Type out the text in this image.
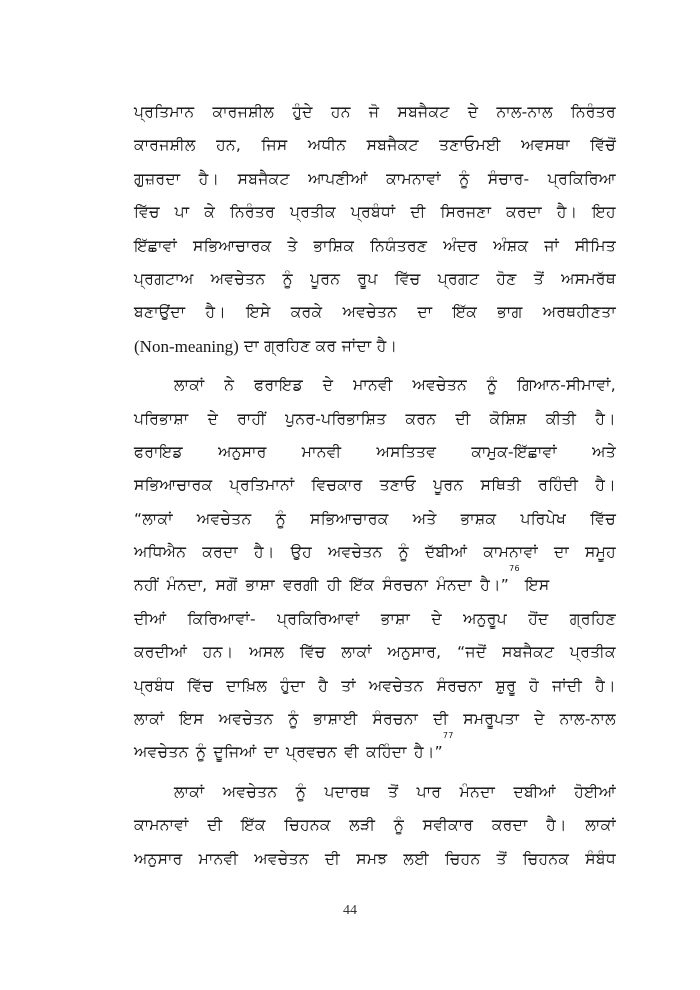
ਪ੍ਰਤਿਮਾਨ ਕਾਰਜਸ਼ੀਲ ਹੁੰਦੇ ਹਨ ਜੋ ਸਬਜੈਕਟ ਦੇ ਨਾਲ-ਨਾਲ ਨਿਰੰਤਰ
ਕਾਰਜਸ਼ੀਲ ਹਨ, ਜਿਸ ਅਧੀਨ ਸਬਜੈਕਟ ਤਣਾਓਮਈ ਅਵਸਥਾ ਵਿੱਚੋਂ
ਗੁਜ਼ਰਦਾ ਹੈ। ਸਬਜੈਕਟ ਆਪਣੀਆਂ ਕਾਮਨਾਵਾਂ ਨੂੰ ਸੰਚਾਰ- ਪ੍ਰਕਿਰਿਆ
ਵਿੱਚ ਪਾ ਕੇ ਨਿਰੰਤਰ ਪ੍ਰਤੀਕ ਪ੍ਰਬੰਧਾਂ ਦੀ ਸਿਰਜਣਾ ਕਰਦਾ ਹੈ। ਇਹ
ਇੱਛਾਵਾਂ ਸਭਿਆਚਾਰਕ ਤੇ ਭਾਸ਼ਿਕ ਨਿਯੰਤਰਣ ਅੰਦਰ ਅੰਸ਼ਕ ਜਾਂ ਸੀਮਿਤ
ਪ੍ਰਗਟਾਅ ਅਵਚੇਤਨ ਨੂੰ ਪੂਰਨ ਰੂਪ ਵਿੱਚ ਪ੍ਰਗਟ ਹੋਣ ਤੋਂ ਅਸਮਰੱਥ
ਬਣਾਉਂਦਾ ਹੈ। ਇਸੇ ਕਰਕੇ ਅਵਚੇਤਨ ਦਾ ਇੱਕ ਭਾਗ ਅਰਥਹੀਣਤਾ
(Non-meaning) ਦਾ ਗ੍ਰਹਿਣ ਕਰ ਜਾਂਦਾ ਹੈ।
ਲਾਕਾਂ ਨੇ ਫਰਾਇਡ ਦੇ ਮਾਨਵੀ ਅਵਚੇਤਨ ਨੂੰ ਗਿਆਨ-ਸੀਮਾਵਾਂ,
ਪਰਿਭਾਸ਼ਾ ਦੇ ਰਾਹੀਂ ਪੁਨਰ-ਪਰਿਭਾਸ਼ਿਤ ਕਰਨ ਦੀ ਕੋਸ਼ਿਸ਼ ਕੀਤੀ ਹੈ।
ਫਰਾਇਡ ਅਨੁਸਾਰ ਮਾਨਵੀ ਅਸਤਿਤਵ ਕਾਮੁਕ-ਇੱਛਾਵਾਂ ਅਤੇ
ਸਭਿਆਚਾਰਕ ਪ੍ਰਤਿਮਾਨਾਂ ਵਿਚਕਾਰ ਤਣਾਓ ਪੂਰਨ ਸਥਿਤੀ ਰਹਿੰਦੀ ਹੈ।
“ਲਾਕਾਂ ਅਵਚੇਤਨ ਨੂੰ ਸਭਿਆਚਾਰਕ ਅਤੇ ਭਾਸ਼ਕ ਪਰਿਪੇਖ ਵਿੱਚ
ਅਧਿਐਨ ਕਰਦਾ ਹੈ। ਉਹ ਅਵਚੇਤਨ ਨੂੰ ਦੱਬੀਆਂ ਕਾਮਨਾਵਾਂ ਦਾ ਸਮੂਹ
ਨਹੀਂ ਮੰਨਦਾ, ਸਗੋਂ ਭਾਸ਼ਾ ਵਰਗੀ ਹੀ ਇੱਕ ਸੰਰਚਨਾ ਮੰਨਦਾ ਹੈ।”
76
ਇਸ
ਦੀਆਂ ਕਿਰਿਆਵਾਂ- ਪ੍ਰਕਿਰਿਆਵਾਂ ਭਾਸ਼ਾ ਦੇ ਅਨੁਰੂਪ ਹੋਂਦ ਗ੍ਰਹਿਣ
ਕਰਦੀਆਂ ਹਨ। ਅਸਲ ਵਿੱਚ ਲਾਕਾਂ ਅਨੁਸਾਰ, “ਜਦੋਂ ਸਬਜੈਕਟ ਪ੍ਰਤੀਕ
ਪ੍ਰਬੰਧ ਵਿੱਚ ਦਾਖ਼ਿਲ ਹੁੰਦਾ ਹੈ ਤਾਂ ਅਵਚੇਤਨ ਸੰਰਚਨਾ ਸ਼ੁਰੂ ਹੋ ਜਾਂਦੀ ਹੈ।
ਲਾਕਾਂ ਇਸ ਅਵਚੇਤਨ ਨੂੰ ਭਾਸ਼ਾਈ ਸੰਰਚਨਾ ਦੀ ਸਮਰੂਪਤਾ ਦੇ ਨਾਲ-ਨਾਲ
ਅਵਚੇਤਨ ਨੂੰ ਦੂਜਿਆਂ ਦਾ ਪ੍ਰਵਚਨ ਵੀ ਕਹਿੰਦਾ ਹੈ।”
77
ਲਾਕਾਂ ਅਵਚੇਤਨ ਨੂੰ ਪਦਾਰਥ ਤੋਂ ਪਾਰ ਮੰਨਦਾ ਦਬੀਆਂ ਹੋਈਆਂ
ਕਾਮਨਾਵਾਂ ਦੀ ਇੱਕ ਚਿਹਨਕ ਲੜੀ ਨੂੰ ਸਵੀਕਾਰ ਕਰਦਾ ਹੈ। ਲਾਕਾਂ
ਅਨੁਸਾਰ ਮਾਨਵੀ ਅਵਚੇਤਨ ਦੀ ਸਮਝ ਲਈ ਚਿਹਨ ਤੋਂ ਚਿਹਨਕ ਸੰਬੰਧ
44
